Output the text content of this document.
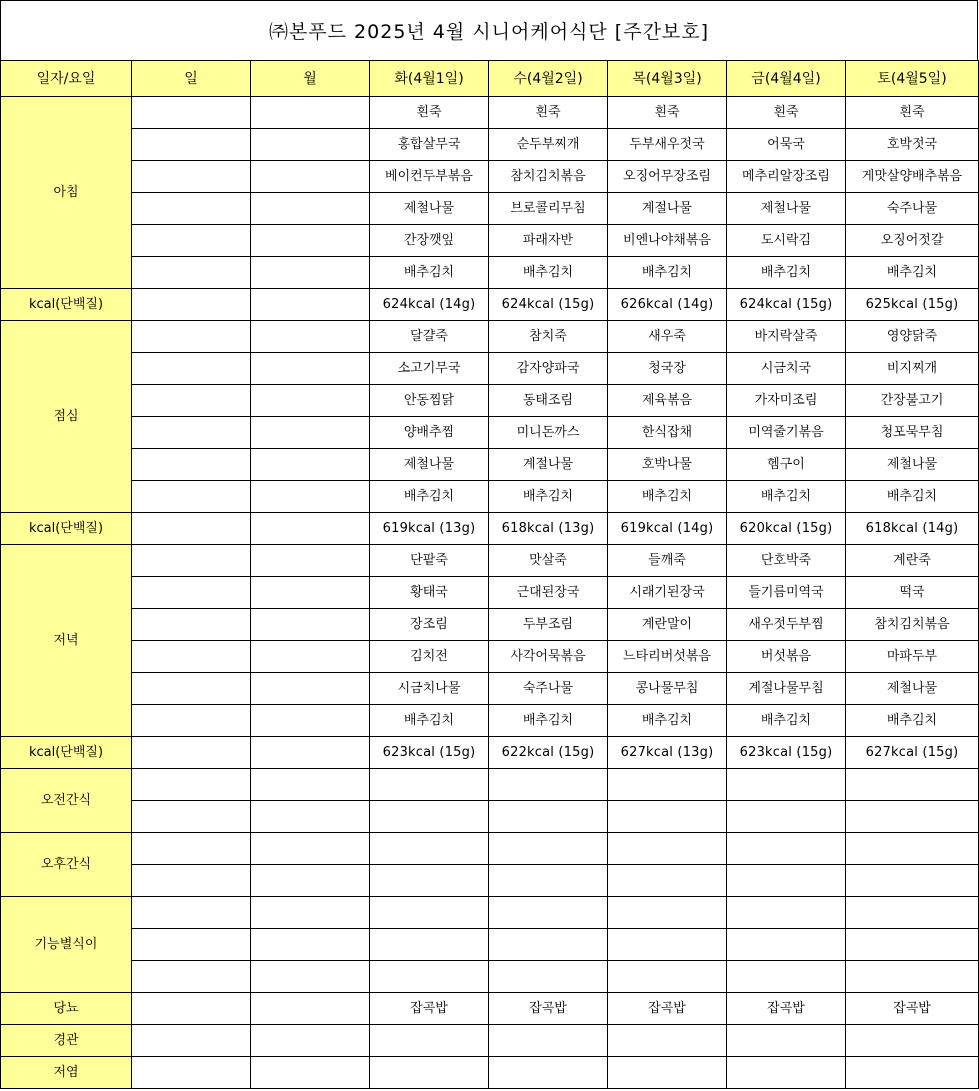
㈜본푸드 2025년 4월 시니어케어식단 [주간보호]
일자/요일	일	월	화(4월1일)	수(4월2일)	목(4월3일)	금(4월4일)	토(4월5일)
아침			흰죽	흰죽	흰죽	흰죽	흰죽
			홍합살무국	순두부찌개	두부새우젓국	어묵국	호박젓국
			베이컨두부볶음	참치김치볶음	오징어무장조림	메추리알장조림	게맛살양배추볶음
			제철나물	브로콜리무침	계절나물	제철나물	숙주나물
			간장깻잎	파래자반	비엔나야채볶음	도시락김	오징어젓갈
			배추김치	배추김치	배추김치	배추김치	배추김치
kcal(단백질)			624kcal (14g)	624kcal (15g)	626kcal (14g)	624kcal (15g)	625kcal (15g)
점심			달걀죽	참치죽	새우죽	바지락살죽	영양닭죽
			소고기무국	감자양파국	청국장	시금치국	비지찌개
			안동찜닭	동태조림	제육볶음	가자미조림	간장불고기
			양배추찜	미니돈까스	한식잡채	미역줄기볶음	청포묵무침
			제철나물	계절나물	호박나물	헴구이	제철나물
			배추김치	배추김치	배추김치	배추김치	배추김치
kcal(단백질)			619kcal (13g)	618kcal (13g)	619kcal (14g)	620kcal (15g)	618kcal (14g)
저녁			단팥죽	맛살죽	들깨죽	단호박죽	계란죽
			황태국	근대된장국	시래기된장국	들기름미역국	떡국
			장조림	두부조림	계란말이	새우젓두부찜	참치김치볶음
			김치전	사각어묵볶음	느타리버섯볶음	버섯볶음	마파두부
			시금치나물	숙주나물	콩나물무침	계절나물무침	제철나물
			배추김치	배추김치	배추김치	배추김치	배추김치
kcal(단백질)			623kcal (15g)	622kcal (15g)	627kcal (13g)	623kcal (15g)	627kcal (15g)
오전간식							

오후간식							

기능별식이							

당뇨			잡곡밥	잡곡밥	잡곡밥	잡곡밥	잡곡밥
경관							
저염							
